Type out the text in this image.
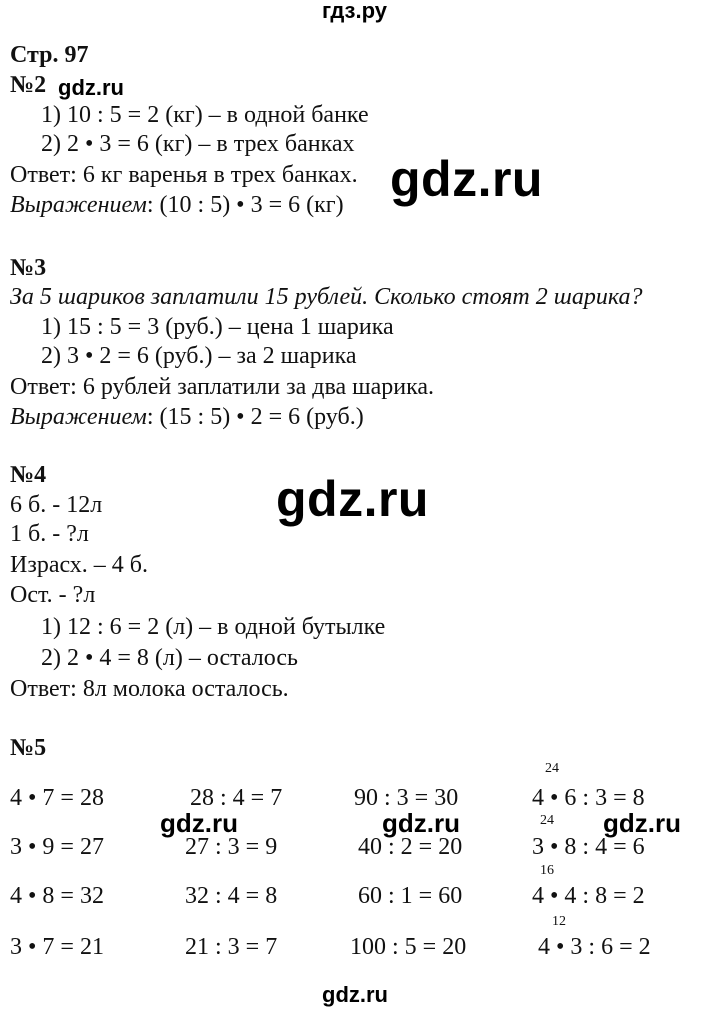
гдз.ру
Стр. 97
№2 gdz.ru
1) 10 : 5 = 2 (кг) – в одной банке
2) 2 • 3 = 6 (кг) – в трех банках
Ответ: 6 кг варенья в трех банках.
Выражением: (10 : 5) • 3 = 6 (кг) gdz.ru
№3
За 5 шариков заплатили 15 рублей. Сколько стоят 2 шарика?
1) 15 : 5 = 3 (руб.) – цена 1 шарика
2) 3 • 2 = 6 (руб.) – за 2 шарика
Ответ: 6 рублей заплатили за два шарика.
Выражением: (15 : 5) • 2 = 6 (руб.)
№4
6 б. - 12л
1 б. - ?л
Израсх. – 4 б.
Ост. - ?л
1) 12 : 6 = 2 (л) – в одной бутылке
2) 2 • 4 = 8 (л) – осталось
Ответ: 8л молока осталось.
gdz.ru
№5
4 • 7 = 28
3 • 9 = 27
4 • 8 = 32
3 • 7 = 21
28 : 4 = 7
27 : 3 = 9
32 : 4 = 8
21 : 3 = 7
90 : 3 = 30
40 : 2 = 20
60 : 1 = 60
100 : 5 = 20
24
4 • 6 : 3 = 8
24
3 • 8 : 4 = 6
16
4 • 4 : 8 = 2
12
4 • 3 : 6 = 2
gdz.ru	gdz.ru	gdz.ru
gdz.ru
